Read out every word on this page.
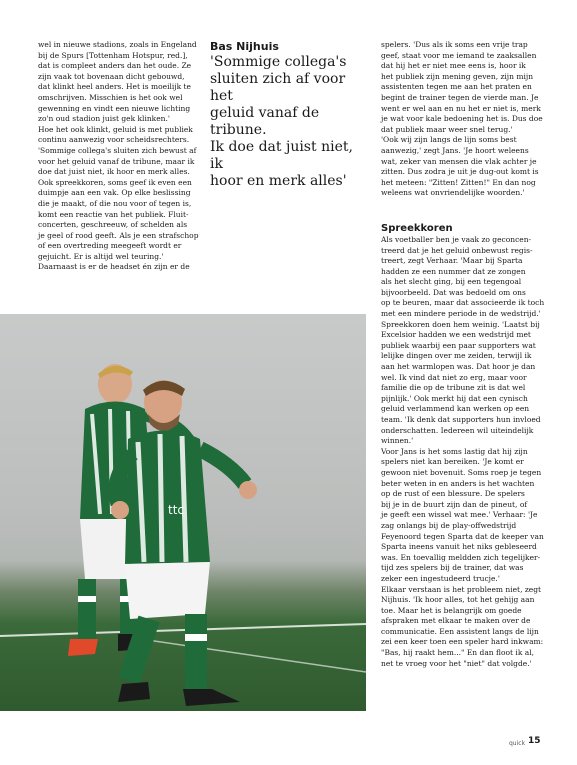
wel in nieuwe stadions, zoals in Engeland

bij de Spurs [Tottenham Hotspur, red.],

dat is compleet anders dan het oude. Ze

zijn vaak tot bovenaan dicht gebouwd,

dat klinkt heel anders. Het is moeilijk te

omschrijven. Misschien is het ook wel

gewenning en vindt een nieuwe lichting

zo'n oud stadion juist gek klinken.'

Hoe het ook klinkt, geluid is met publiek

continu aanwezig voor scheidsrechters.

'Sommige collega's sluiten zich bewust af

voor het geluid vanaf de tribune, maar ik

doe dat juist niet, ik hoor en merk alles.

Ook spreekkoren, soms geef ik even een

duimpje aan een vak. Op elke beslissing

die je maakt, of die nou voor of tegen is,

komt een reactie van het publiek. Fluit-

concerten, geschreeuw, of schelden als

je geel of rood geeft. Als je een strafschop

of een overtreding meegeeft wordt er

gejuicht. Er is altijd wel teuring.'

Daarnaast is er de headset én zijn er de

Bas Nijhuis

'Sommige collega's

sluiten zich af voor het

geluid vanaf de tribune.

Ik doe dat juist niet, ik

hoor en merk alles'

spelers. 'Dus als ik soms een vrije trap

geef, staat voor me iemand te zaaksallen

dat hij het er niet mee eens is, hoor ik

het publiek zijn mening geven, zijn mijn

assistenten tegen me aan het praten en

begint de trainer tegen de vierde man. Je

went er wel aan en nu het er niet is, merk

je wat voor kale bedoening het is. Dus doe

dat publiek maar weer snel terug.'

'Ook wij zijn langs de lijn soms best

aanwezig,' zegt Jans. 'Je hoort weleens

wat, zeker van mensen die vlak achter je

zitten. Dus zodra je uit je dug-out komt is

het meteen: "Zitten! Zitten!" En dan nog

weleens wat onvriendelijke woorden.'

Spreekkoren

Als voetballer ben je vaak zo geconcen-

treerd dat je het geluid onbewust regis-

treert, zegt Verhaar. 'Maar bij Sparta

hadden ze een nummer dat ze zongen

als het slecht ging, bij een tegengoal

bijvoorbeeld. Dat was bedoeld om ons

op te beuren, maar dat associeerde ik toch

met een mindere periode in de wedstrijd.'

Spreekkoren doen hem weinig. 'Laatst bij

Excelsior hadden we een wedstrijd met

publiek waarbij een paar supporters wat

lelijke dingen over me zeiden, terwijl ik

aan het warmlopen was. Dat hoor je dan

wel. Ik vind dat niet zo erg, maar voor

familie die op de tribune zit is dat wel

pijnlijk.' Ook merkt hij dat een cynisch

geluid verlammend kan werken op een

team. 'Ik denk dat supporters hun invloed

onderschatten. Iedereen wil uiteindelijk

winnen.'

Voor Jans is het soms lastig dat hij zijn

spelers niet kan bereiken. 'Je komt er

gewoon niet bovenuit. Soms roep je tegen

beter weten in en anders is het wachten

op de rust of een blessure. De spelers

bij je in de buurt zijn dan de pineut, of

je geeft een wissel wat mee.' Verhaar: 'Je

zag onlangs bij de play-offwedstrijd

Feyenoord tegen Sparta dat de keeper van

Sparta ineens vanuit het niks gebleseerd

was. En toevallig meldden zich tegelijker-

tijd zes spelers bij de trainer, dat was

zeker een ingestudeerd trucje.'

Elkaar verstaan is het probleem niet, zegt

Nijhuis. 'Ik hoor alles, tot het gehijg aan

toe. Maar het is belangrijk om goede

afspraken met elkaar te maken over de

communicatie. Een assistent langs de lijn

zei een keer toen een speler hard inkwam:

"Bas, hij raakt hem..." En dan floot ik al,

net te vroeg voor het "niet" dat volgde.'

ttc
quick 15
